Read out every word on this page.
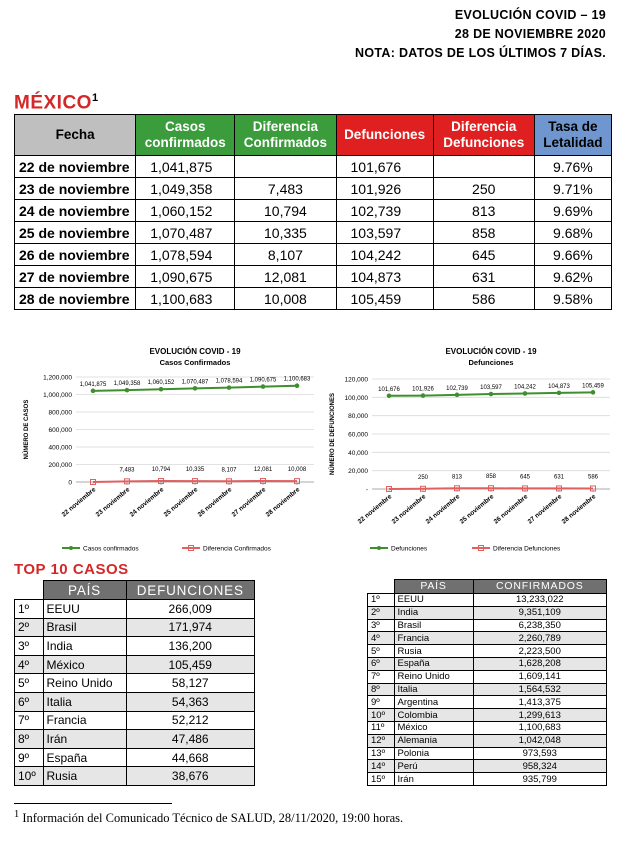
EVOLUCIÓN COVID – 19
28 DE NOVIEMBRE 2020
NOTA: DATOS DE LOS ÚLTIMOS 7 DÍAS.
MÉXICO$^1$
Fecha	Casos confirmados	Diferencia Confirmados	Defunciones	Diferencia Defunciones	Tasa de Letalidad
22 de noviembre	1,041,875		101,676		9.76%
23 de noviembre	1,049,358	7,483	101,926	250	9.71%
24 de noviembre	1,060,152	10,794	102,739	813	9.69%
25 de noviembre	1,070,487	10,335	103,597	858	9.68%
26 de noviembre	1,078,594	8,107	104,242	645	9.66%
27 de noviembre	1,090,675	12,081	104,873	631	9.62%
28 de noviembre	1,100,683	10,008	105,459	586	9.58%
EVOLUCIÓN COVID - 19
Casos Confirmados
0
200,000
400,000
600,000
800,000
1,000,000
1,200,000
NÚMERO DE CASOS
22 noviembre
23 noviembre
24 noviembre
25 noviembre
26 noviembre
27 noviembre
28 noviembre
1,041,875 1,049,358 1,060,152 1,070,487 1,078,594 1,090,675 1,100,683
7,483	10,794	10,335	8,107	12,081	10,008
Casos confirmados	Diferencia Confirmados
EVOLUCIÓN COVID - 19
Defunciones
-
20,000
40,000
60,000
80,000
100,000
120,000
NÚMERO DE DEFUNCIONES
22 noviembre
23 noviembre
24 noviembre
25 noviembre
26 noviembre
27 noviembre
28 noviembre
101,676 101,926 102,739 103,597 104,242 104,873 105,459
250	813	858	645	631	586
Defunciones	Diferencia Defunciones
TOP 10 CASOS
	PAÍS	DEFUNCIONES
1º	EEUU	266,009
2º	Brasil	171,974
3º	India	136,200
4º	México	105,459
5º	Reino Unido	58,127
6º	Italia	54,363
7º	Francia	52,212
8º	Irán	47,486
9º	España	44,668
10º	Rusia	38,676
	PAÍS	CONFIRMADOS
1º	EEUU	13,233,022
2º	India	9,351,109
3º	Brasil	6,238,350
4º	Francia	2,260,789
5º	Rusia	2,223,500
6º	España	1,628,208
7º	Reino Unido	1,609,141
8º	Italia	1,564,532
9º	Argentina	1,413,375
10º	Colombia	1,299,613
11º	México	1,100,683
12º	Alemania	1,042,048
13º	Polonia	973,593
14º	Perú	958,324
15º	Irán	935,799
$^1$ Información del Comunicado Técnico de SALUD, 28/11/2020, 19:00 horas.
